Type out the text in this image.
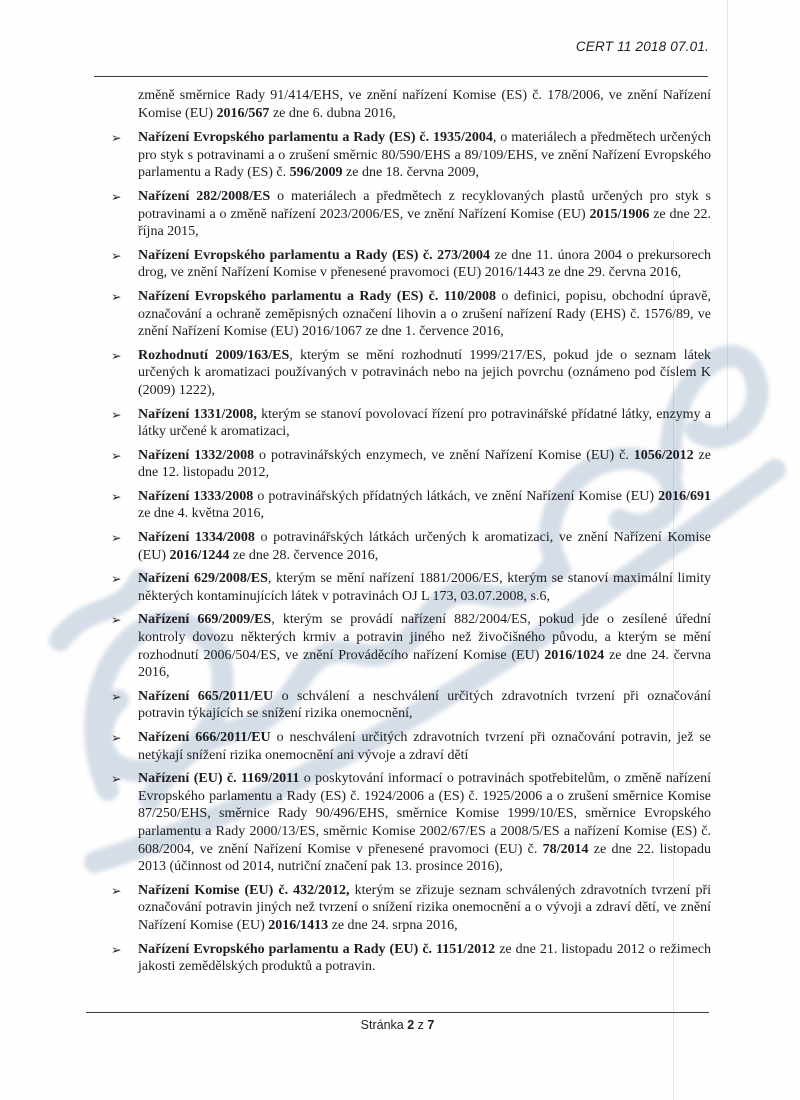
CERT 11 2018 07.01.

změně směrnice Rady 91/414/EHS, ve znění nařízení Komise (ES) č. 178/2006, ve znění Nařízení Komise (EU) 2016/567 ze dne 6. dubna 2016,

➢ Nařízení Evropského parlamentu a Rady (ES) č. 1935/2004, o materiálech a předmětech určených pro styk s potravinami a o zrušení směrnic 80/590/EHS a 89/109/EHS, ve znění Nařízení Evropského parlamentu a Rady (ES) č. 596/2009 ze dne 18. června 2009,
➢ Nařízení 282/2008/ES o materiálech a předmětech z recyklovaných plastů určených pro styk s potravinami a o změně nařízení 2023/2006/ES, ve znění Nařízení Komise (EU) 2015/1906 ze dne 22. října 2015,
➢ Nařízení Evropského parlamentu a Rady (ES) č. 273/2004 ze dne 11. února 2004 o prekursorech drog, ve znění Nařízení Komise v přenesené pravomoci (EU) 2016/1443 ze dne 29. června 2016,
➢ Nařízení Evropského parlamentu a Rady (ES) č. 110/2008 o definici, popisu, obchodní úpravě, označování a ochraně zeměpisných označení lihovin a o zrušení nařízení Rady (EHS) č. 1576/89, ve znění Nařízení Komise (EU) 2016/1067 ze dne 1. července 2016,
➢ Rozhodnutí 2009/163/ES, kterým se mění rozhodnutí 1999/217/ES, pokud jde o seznam látek určených k aromatizaci používaných v potravinách nebo na jejich povrchu (oznámeno pod číslem K (2009) 1222),
➢ Nařízení 1331/2008, kterým se stanoví povolovací řízení pro potravinářské přídatné látky, enzymy a látky určené k aromatizaci,
➢ Nařízení 1332/2008 o potravinářských enzymech, ve znění Nařízení Komise (EU) č. 1056/2012 ze dne 12. listopadu 2012,
➢ Nařízení 1333/2008 o potravinářských přídatných látkách, ve znění Nařízení Komise (EU) 2016/691 ze dne 4. května 2016,
➢ Nařízení 1334/2008 o potravinářských látkách určených k aromatizaci, ve znění Nařízení Komise (EU) 2016/1244 ze dne 28. července 2016,
➢ Nařízení 629/2008/ES, kterým se mění nařízení 1881/2006/ES, kterým se stanoví maximální limity některých kontaminujících látek v potravinách OJ L 173, 03.07.2008, s.6,
➢ Nařízení 669/2009/ES, kterým se provádí nařízení 882/2004/ES, pokud jde o zesílené úřední kontroly dovozu některých krmiv a potravin jiného než živočišného původu, a kterým se mění rozhodnutí 2006/504/ES, ve znění Prováděcího nařízení Komise (EU) 2016/1024 ze dne 24. června 2016,
➢ Nařízení 665/2011/EU o schválení a neschválení určitých zdravotních tvrzení při označování potravin týkajících se snížení rizika onemocnění,
➢ Nařízení 666/2011/EU o neschválení určitých zdravotních tvrzení při označování potravin, jež se netýkají snížení rizika onemocnění ani vývoje a zdraví dětí
➢ Nařízení (EU) č. 1169/2011 o poskytování informací o potravinách spotřebitelům, o změně nařízení Evropského parlamentu a Rady (ES) č. 1924/2006 a (ES) č. 1925/2006 a o zrušení směrnice Komise 87/250/EHS, směrnice Rady 90/496/EHS, směrnice Komise 1999/10/ES, směrnice Evropského parlamentu a Rady 2000/13/ES, směrnic Komise 2002/67/ES a 2008/5/ES a nařízení Komise (ES) č. 608/2004, ve znění Nařízení Komise v přenesené pravomoci (EU) č. 78/2014 ze dne 22. listopadu 2013 (účinnost od 2014, nutriční značení pak 13. prosince 2016),
➢ Nařízení Komise (EU) č. 432/2012, kterým se zřizuje seznam schválených zdravotních tvrzení při označování potravin jiných než tvrzení o snížení rizika onemocnění a o vývoji a zdraví dětí, ve znění Nařízení Komise (EU) 2016/1413 ze dne 24. srpna 2016,
➢ Nařízení Evropského parlamentu a Rady (EU) č. 1151/2012 ze dne 21. listopadu 2012 o režimech jakosti zemědělských produktů a potravin.
Stránka 2 z 7
